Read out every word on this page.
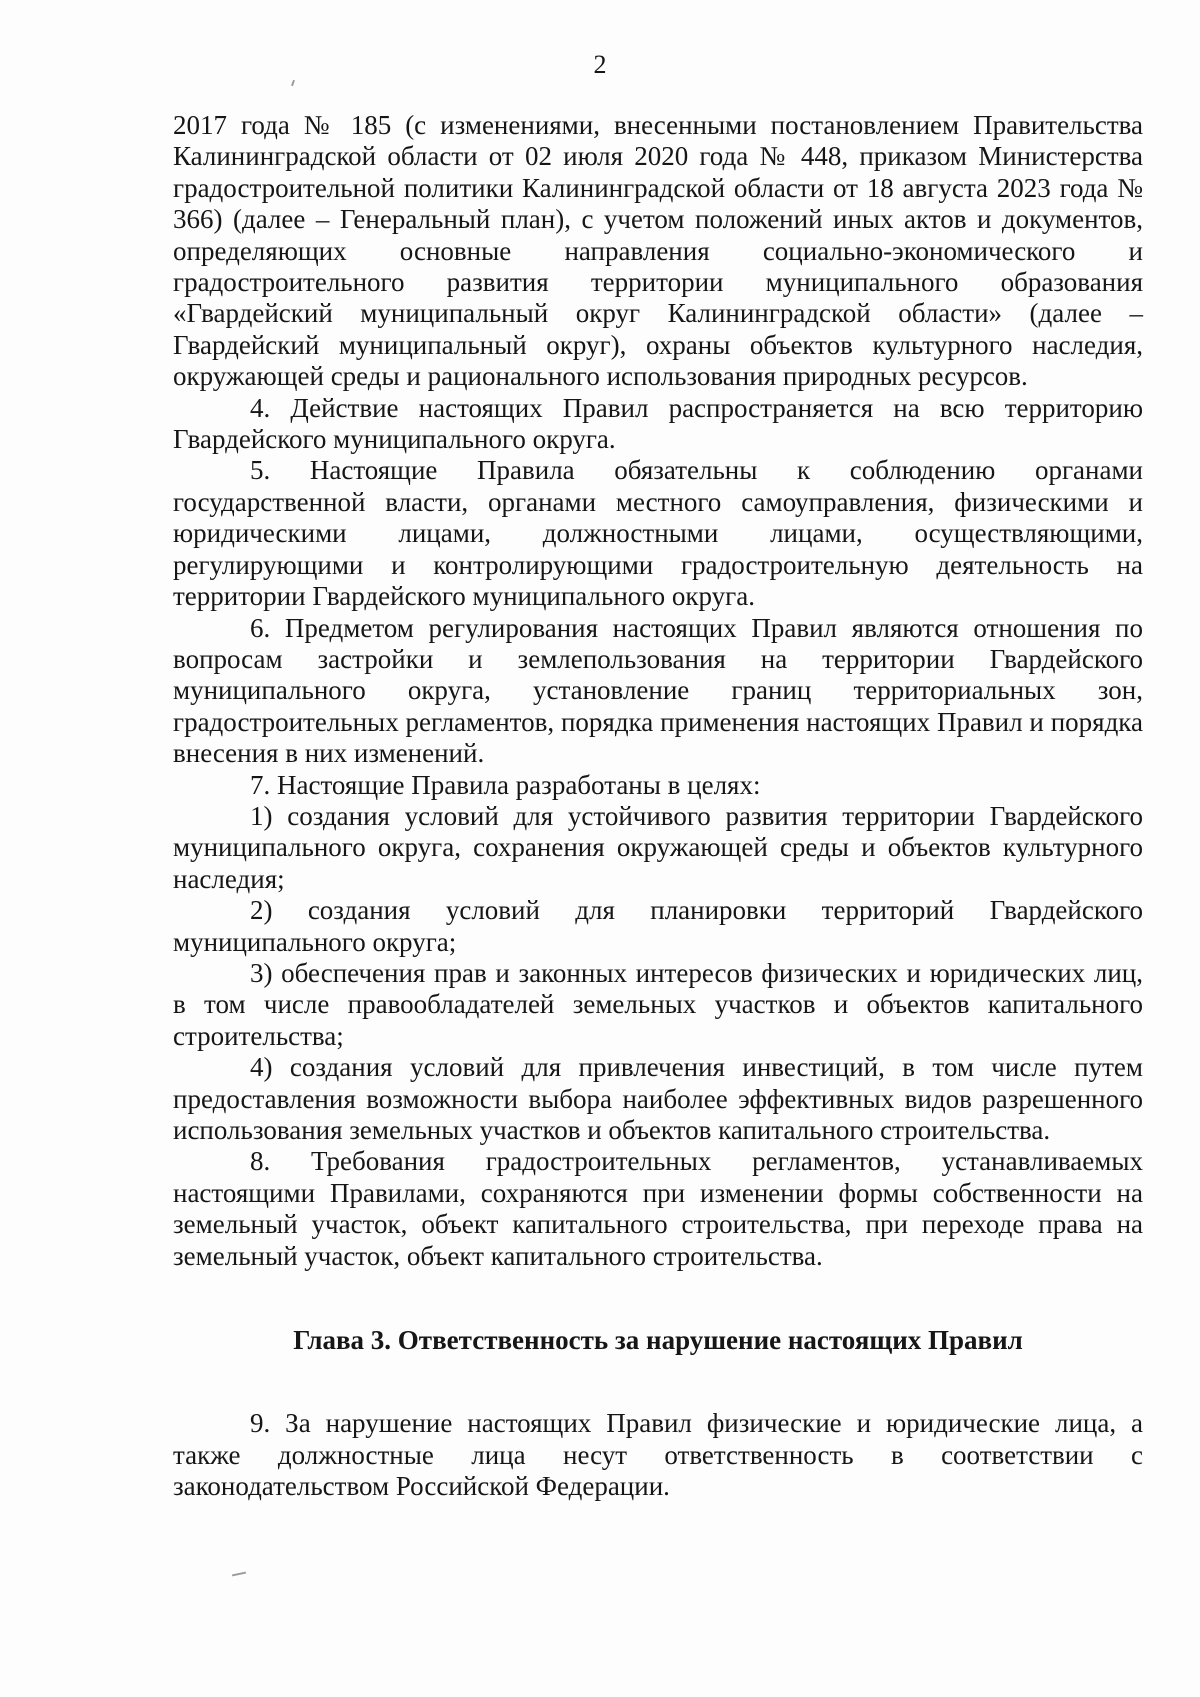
2

2017 года № 185 (с изменениями, внесенными постановлением Правительства Калининградской области от 02 июля 2020 года № 448, приказом Министерства градостроительной политики Калининградской области от 18 августа 2023 года № 366) (далее – Генеральный план), с учетом положений иных актов и документов, определяющих основные направления социально-экономического и градостроительного развития территории муниципального образования «Гвардейский муниципальный округ Калининградской области» (далее – Гвардейский муниципальный округ), охраны объектов культурного наследия, окружающей среды и рационального использования природных ресурсов.

4. Действие настоящих Правил распространяется на всю территорию Гвардейского муниципального округа.

5. Настоящие Правила обязательны к соблюдению органами государственной власти, органами местного самоуправления, физическими и юридическими лицами, должностными лицами, осуществляющими, регулирующими и контролирующими градостроительную деятельность на территории Гвардейского муниципального округа.

6. Предметом регулирования настоящих Правил являются отношения по вопросам застройки и землепользования на территории Гвардейского муниципального округа, установление границ территориальных зон, градостроительных регламентов, порядка применения настоящих Правил и порядка внесения в них изменений.

7. Настоящие Правила разработаны в целях:

1) создания условий для устойчивого развития территории Гвардейского муниципального округа, сохранения окружающей среды и объектов культурного наследия;

2) создания условий для планировки территорий Гвардейского муниципального округа;

3) обеспечения прав и законных интересов физических и юридических лиц, в том числе правообладателей земельных участков и объектов капитального строительства;

4) создания условий для привлечения инвестиций, в том числе путем предоставления возможности выбора наиболее эффективных видов разрешенного использования земельных участков и объектов капитального строительства.

8. Требования градостроительных регламентов, устанавливаемых настоящими Правилами, сохраняются при изменении формы собственности на земельный участок, объект капитального строительства, при переходе права на земельный участок, объект капитального строительства.

Глава 3. Ответственность за нарушение настоящих Правил

9. За нарушение настоящих Правил физические и юридические лица, а также должностные лица несут ответственность в соответствии с законодательством Российской Федерации.
